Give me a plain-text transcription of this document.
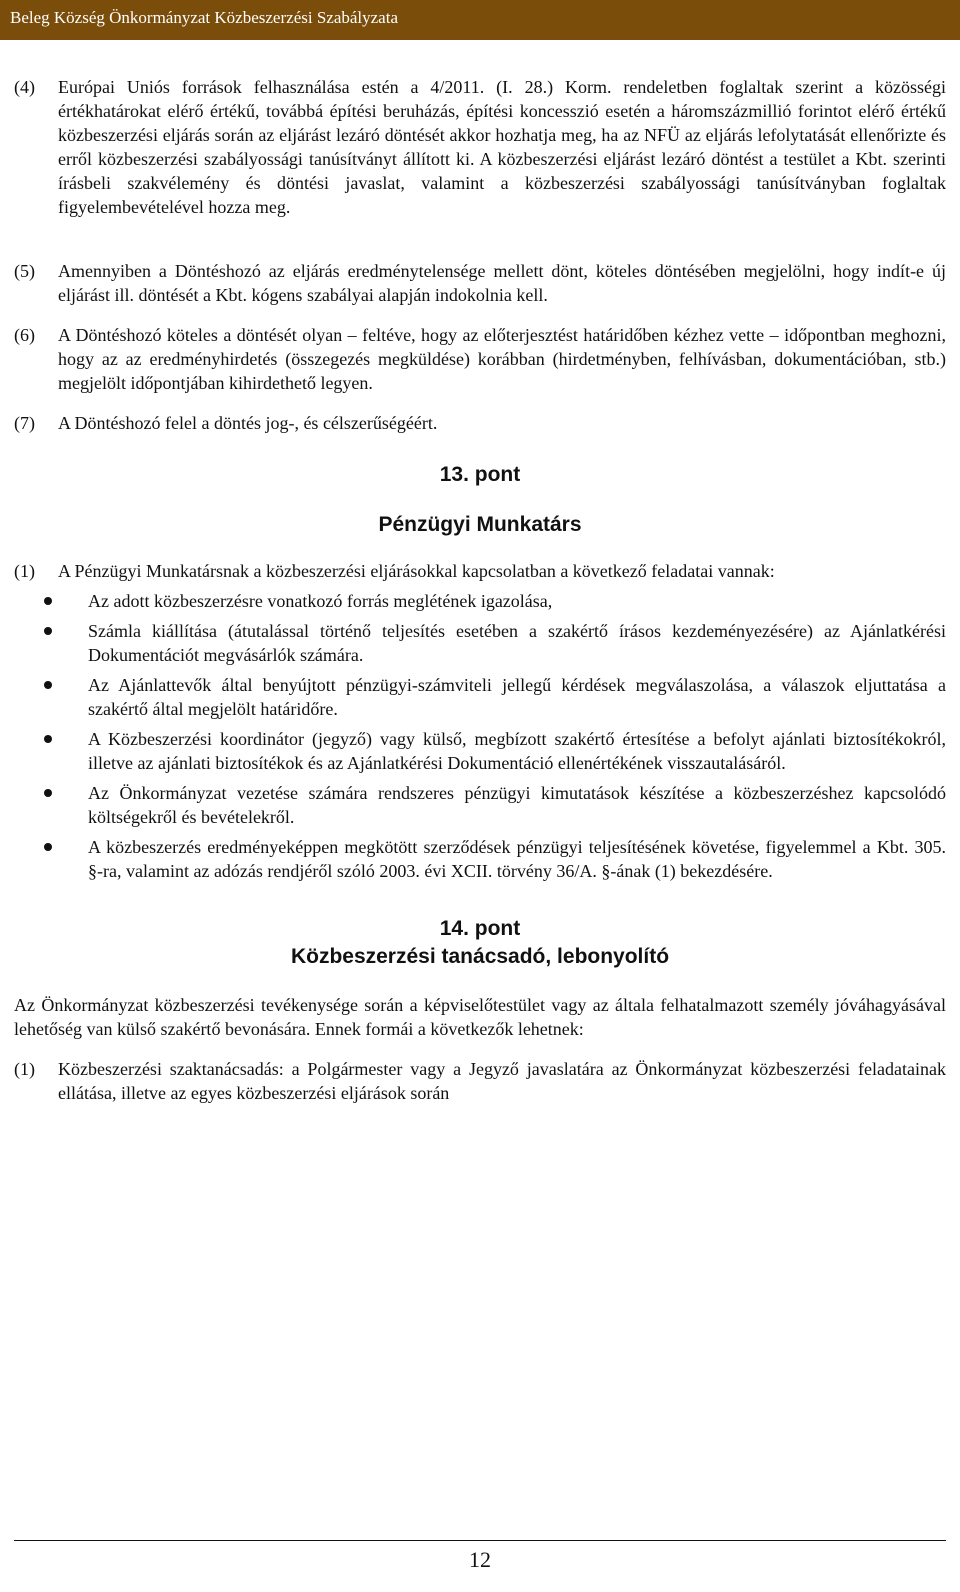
Beleg Község Önkormányzat Közbeszerzési Szabályzata
(4)	Európai Uniós források felhasználása estén a 4/2011. (I. 28.) Korm. rendeletben foglaltak szerint a közösségi értékhatárokat elérő értékű, továbbá építési beruházás, építési koncesszió esetén a háromszázmillió forintot elérő értékű közbeszerzési eljárás során az eljárást lezáró döntését akkor hozhatja meg, ha az NFÜ az eljárás lefolytatását ellenőrizte és erről közbeszerzési szabályossági tanúsítványt állított ki. A közbeszerzési eljárást lezáró döntést a testület a Kbt. szerinti írásbeli szakvélemény és döntési javaslat, valamint a közbeszerzési szabályossági tanúsítványban foglaltak figyelembevételével hozza meg.
(5)	Amennyiben a Döntéshozó az eljárás eredménytelensége mellett dönt, köteles döntésében megjelölni, hogy indít-e új eljárást ill. döntését a Kbt. kógens szabályai alapján indokolnia kell.
(6)	A Döntéshozó köteles a döntését olyan – feltéve, hogy az előterjesztést határidőben kézhez vette – időpontban meghozni, hogy az az eredményhirdetés (összegezés megküldése) korábban (hirdetményben, felhívásban, dokumentációban, stb.) megjelölt időpontjában kihirdethető legyen.
(7)	A Döntéshozó felel a döntés jog-, és célszerűségéért.
13. pont
Pénzügyi Munkatárs
(1)	A Pénzügyi Munkatársnak a közbeszerzési eljárásokkal kapcsolatban a következő feladatai vannak:
Az adott közbeszerzésre vonatkozó forrás meglétének igazolása,
Számla kiállítása (átutalással történő teljesítés esetében a szakértő írásos kezdeményezésére) az Ajánlatkérési Dokumentációt megvásárlók számára.
Az Ajánlattevők által benyújtott pénzügyi-számviteli jellegű kérdések megválaszolása, a válaszok eljuttatása a szakértő által megjelölt határidőre.
A Közbeszerzési koordinátor (jegyző) vagy külső, megbízott szakértő értesítése a befolyt ajánlati biztosítékokról, illetve az ajánlati biztosítékok és az Ajánlatkérési Dokumentáció ellenértékének visszautalásáról.
Az Önkormányzat vezetése számára rendszeres pénzügyi kimutatások készítése a közbeszerzéshez kapcsolódó költségekről és bevételekről.
A közbeszerzés eredményeképpen megkötött szerződések pénzügyi teljesítésének követése, figyelemmel a Kbt. 305. §-ra, valamint az adózás rendjéről szóló 2003. évi XCII. törvény 36/A. §-ának (1) bekezdésére.
14. pont
Közbeszerzési tanácsadó, lebonyolító

Az Önkormányzat közbeszerzési tevékenysége során a képviselőtestület vagy az általa felhatalmazott személy jóváhagyásával lehetőség van külső szakértő bevonására. Ennek formái a következők lehetnek:

(1)	Közbeszerzési szaktanácsadás: a Polgármester vagy a Jegyző javaslatára az Önkormányzat közbeszerzési feladatainak ellátása, illetve az egyes közbeszerzési eljárások során
12
